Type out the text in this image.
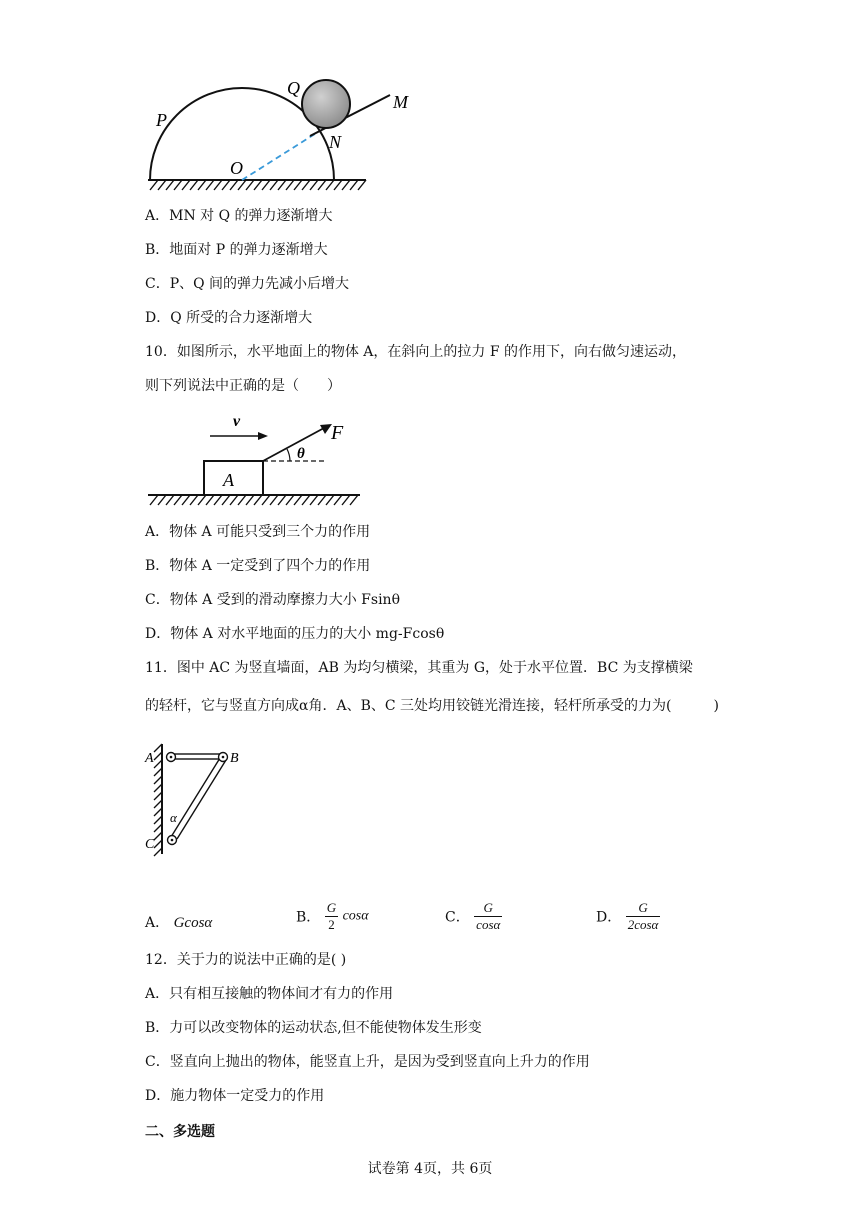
P
Q
M
N
O
A．MN 对 Q 的弹力逐渐增大
B．地面对 P 的弹力逐渐增大
C．P、Q 间的弹力先减小后增大
D．Q 所受的合力逐渐增大
10．如图所示，水平地面上的物体 A，在斜向上的拉力 F 的作用下，向右做匀速运动，
则下列说法中正确的是（　　）
A
v
F
θ
A．物体 A 可能只受到三个力的作用
B．物体 A 一定受到了四个力的作用
C．物体 A 受到的滑动摩擦力大小 Fsinθ
D．物体 A 对水平地面的压力的大小 mg-Fcosθ
11．图中 AC 为竖直墙面，AB 为均匀横梁，其重为 G，处于水平位置．BC 为支撑横梁
的轻杆，它与竖直方向成α角．A、B、C 三处均用铰链光滑连接，轻杆所承受的力为(　　　)
A	B
C
α
A． Gcosα	B． $\frac{G}{2}$ cosα	C． $\frac{G}{\cos\alpha}$	D． $\frac{G}{2\cos\alpha}$
12．关于力的说法中正确的是( )
A．只有相互接触的物体间才有力的作用
B．力可以改变物体的运动状态,但不能使物体发生形变
C．竖直向上抛出的物体，能竖直上升，是因为受到竖直向上升力的作用
D．施力物体一定受力的作用
二、多选题
试卷第 4页，共 6页
